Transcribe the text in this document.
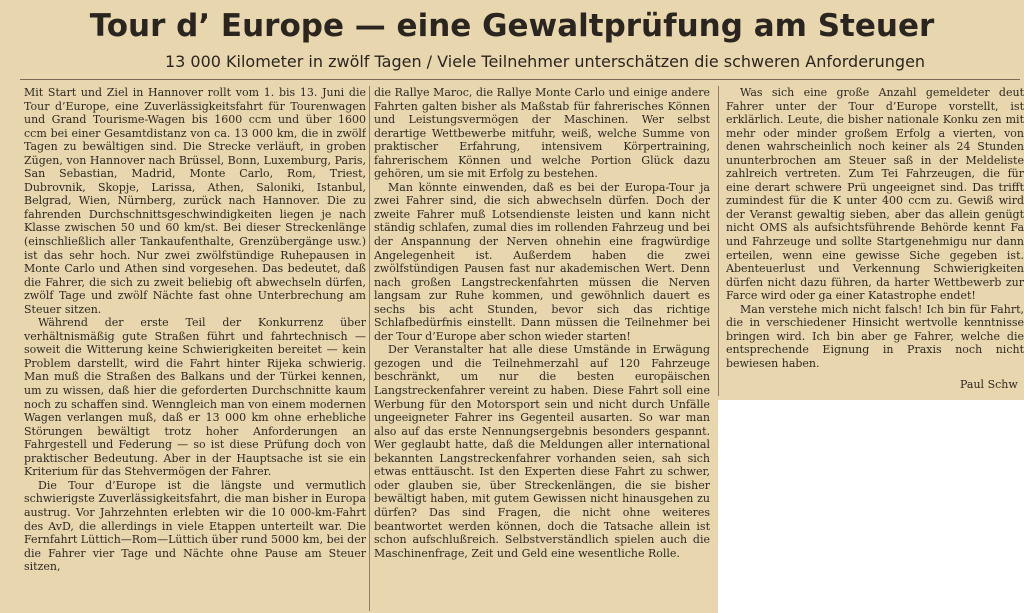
Tour d’ Europe — eine Gewaltprüfung am Steuer
13 000 Kilometer in zwölf Tagen / Viele Teilnehmer unterschätzen die schweren Anforderungen

Mit Start und Ziel in Hannover rollt vom 1. bis 13. Juni die Tour d’Europe, eine Zuverlässigkeitsfahrt für Tourenwagen und Grand Tourisme-Wagen bis 1600 ccm und über 1600 ccm bei einer Gesamtdistanz von ca. 13 000 km, die in zwölf Tagen zu bewältigen sind. Die Strecke verläuft, in groben Zügen, von Hannover nach Brüssel, Bonn, Luxemburg, Paris, San Sebastian, Madrid, Monte Carlo, Rom, Triest, Dubrovnik, Skopje, Larissa, Athen, Saloniki, Istanbul, Belgrad, Wien, Nürnberg, zurück nach Hannover. Die zu fahrenden Durchschnittsgeschwindigkeiten liegen je nach Klasse zwischen 50 und 60 km/st. Bei dieser Streckenlänge (einschließlich aller Tankaufenthalte, Grenzübergänge usw.) ist das sehr hoch. Nur zwei zwölfstündige Ruhepausen in Monte Carlo und Athen sind vorgesehen. Das bedeutet, daß die Fahrer, die sich zu zweit beliebig oft abwechseln dürfen, zwölf Tage und zwölf Nächte fast ohne Unterbrechung am Steuer sitzen.

Während der erste Teil der Konkurrenz über verhältnismäßig gute Straßen führt und fahrtechnisch — soweit die Witterung keine Schwierigkeiten bereitet — kein Problem darstellt, wird die Fahrt hinter Rijeka schwierig. Man muß die Straßen des Balkans und der Türkei kennen, um zu wissen, daß hier die geforderten Durchschnitte kaum noch zu schaffen sind. Wenngleich man von einem modernen Wagen verlangen muß, daß er 13 000 km ohne erhebliche Störungen bewältigt trotz hoher Anforderungen an Fahrgestell und Federung — so ist diese Prüfung doch von praktischer Bedeutung. Aber in der Hauptsache ist sie ein Kriterium für das Stehvermögen der Fahrer.

Die Tour d’Europe ist die längste und vermutlich schwierigste Zuverlässigkeitsfahrt, die man bisher in Europa austrug. Vor Jahrzehnten erlebten wir die 10 000-km-Fahrt des AvD, die allerdings in viele Etappen unterteilt war. Die Fernfahrt Lüttich—Rom—Lüttich über rund 5000 km, bei der die Fahrer vier Tage und Nächte ohne Pause am Steuer sitzen,

die Rallye Maroc, die Rallye Monte Carlo und einige andere Fahrten galten bisher als Maßstab für fahrerisches Können und Leistungsvermögen der Maschinen. Wer selbst derartige Wettbewerbe mitfuhr, weiß, welche Summe von praktischer Erfahrung, intensivem Körpertraining, fahrerischem Können und welche Portion Glück dazu gehören, um sie mit Erfolg zu bestehen.

Man könnte einwenden, daß es bei der Europa-Tour ja zwei Fahrer sind, die sich abwechseln dürfen. Doch der zweite Fahrer muß Lotsendienste leisten und kann nicht ständig schlafen, zumal dies im rollenden Fahrzeug und bei der Anspannung der Nerven ohnehin eine fragwürdige Angelegenheit ist. Außerdem haben die zwei zwölfstündigen Pausen fast nur akademischen Wert. Denn nach großen Langstreckenfahrten müssen die Nerven langsam zur Ruhe kommen, und gewöhnlich dauert es sechs bis acht Stunden, bevor sich das richtige Schlafbedürfnis einstellt. Dann müssen die Teilnehmer bei der Tour d’Europe aber schon wieder starten!

Der Veranstalter hat alle diese Umstände in Erwägung gezogen und die Teilnehmerzahl auf 120 Fahrzeuge beschränkt, um nur die besten europäischen Langstreckenfahrer vereint zu haben. Diese Fahrt soll eine Werbung für den Motorsport sein und nicht durch Unfälle ungeeigneter Fahrer ins Gegenteil ausarten. So war man also auf das erste Nennungsergebnis besonders gespannt. Wer geglaubt hatte, daß die Meldungen aller international bekannten Langstreckenfahrer vorhanden seien, sah sich etwas enttäuscht. Ist den Experten diese Fahrt zu schwer, oder glauben sie, über Streckenlängen, die sie bisher bewältigt haben, mit gutem Gewissen nicht hinausgehen zu dürfen? Das sind Fragen, die nicht ohne weiteres beantwortet werden können, doch die Tatsache allein ist schon aufschlußreich. Selbstverständlich spielen auch die Maschinenfrage, Zeit und Geld eine wesentliche Rolle.

Was sich eine große Anzahl gemeldeter deut Fahrer unter der Tour d’Europe vorstellt, ist erklärlich. Leute, die bisher nationale Konku zen mit mehr oder minder großem Erfolg a vierten, von denen wahrscheinlich noch keiner als 24 Stunden ununterbrochen am Steuer saß in der Meldeliste zahlreich vertreten. Zum Tei Fahrzeugen, die für eine derart schwere Prü ungeeignet sind. Das trifft zumindest für die K unter 400 ccm zu. Gewiß wird der Veranst gewaltig sieben, aber das allein genügt nicht OMS als aufsichtsführende Behörde kennt Fa und Fahrzeuge und sollte Startgenehmigu nur dann erteilen, wenn eine gewisse Siche gegeben ist. Abenteuerlust und Verkennung Schwierigkeiten dürfen nicht dazu führen, da harter Wettbewerb zur Farce wird oder ga einer Katastrophe endet!

Man verstehe mich nicht falsch! Ich bin für Fahrt, die in verschiedener Hinsicht wertvolle kenntnisse bringen wird. Ich bin aber ge Fahrer, welche die entsprechende Eignung in Praxis noch nicht bewiesen haben.

Paul Schw
